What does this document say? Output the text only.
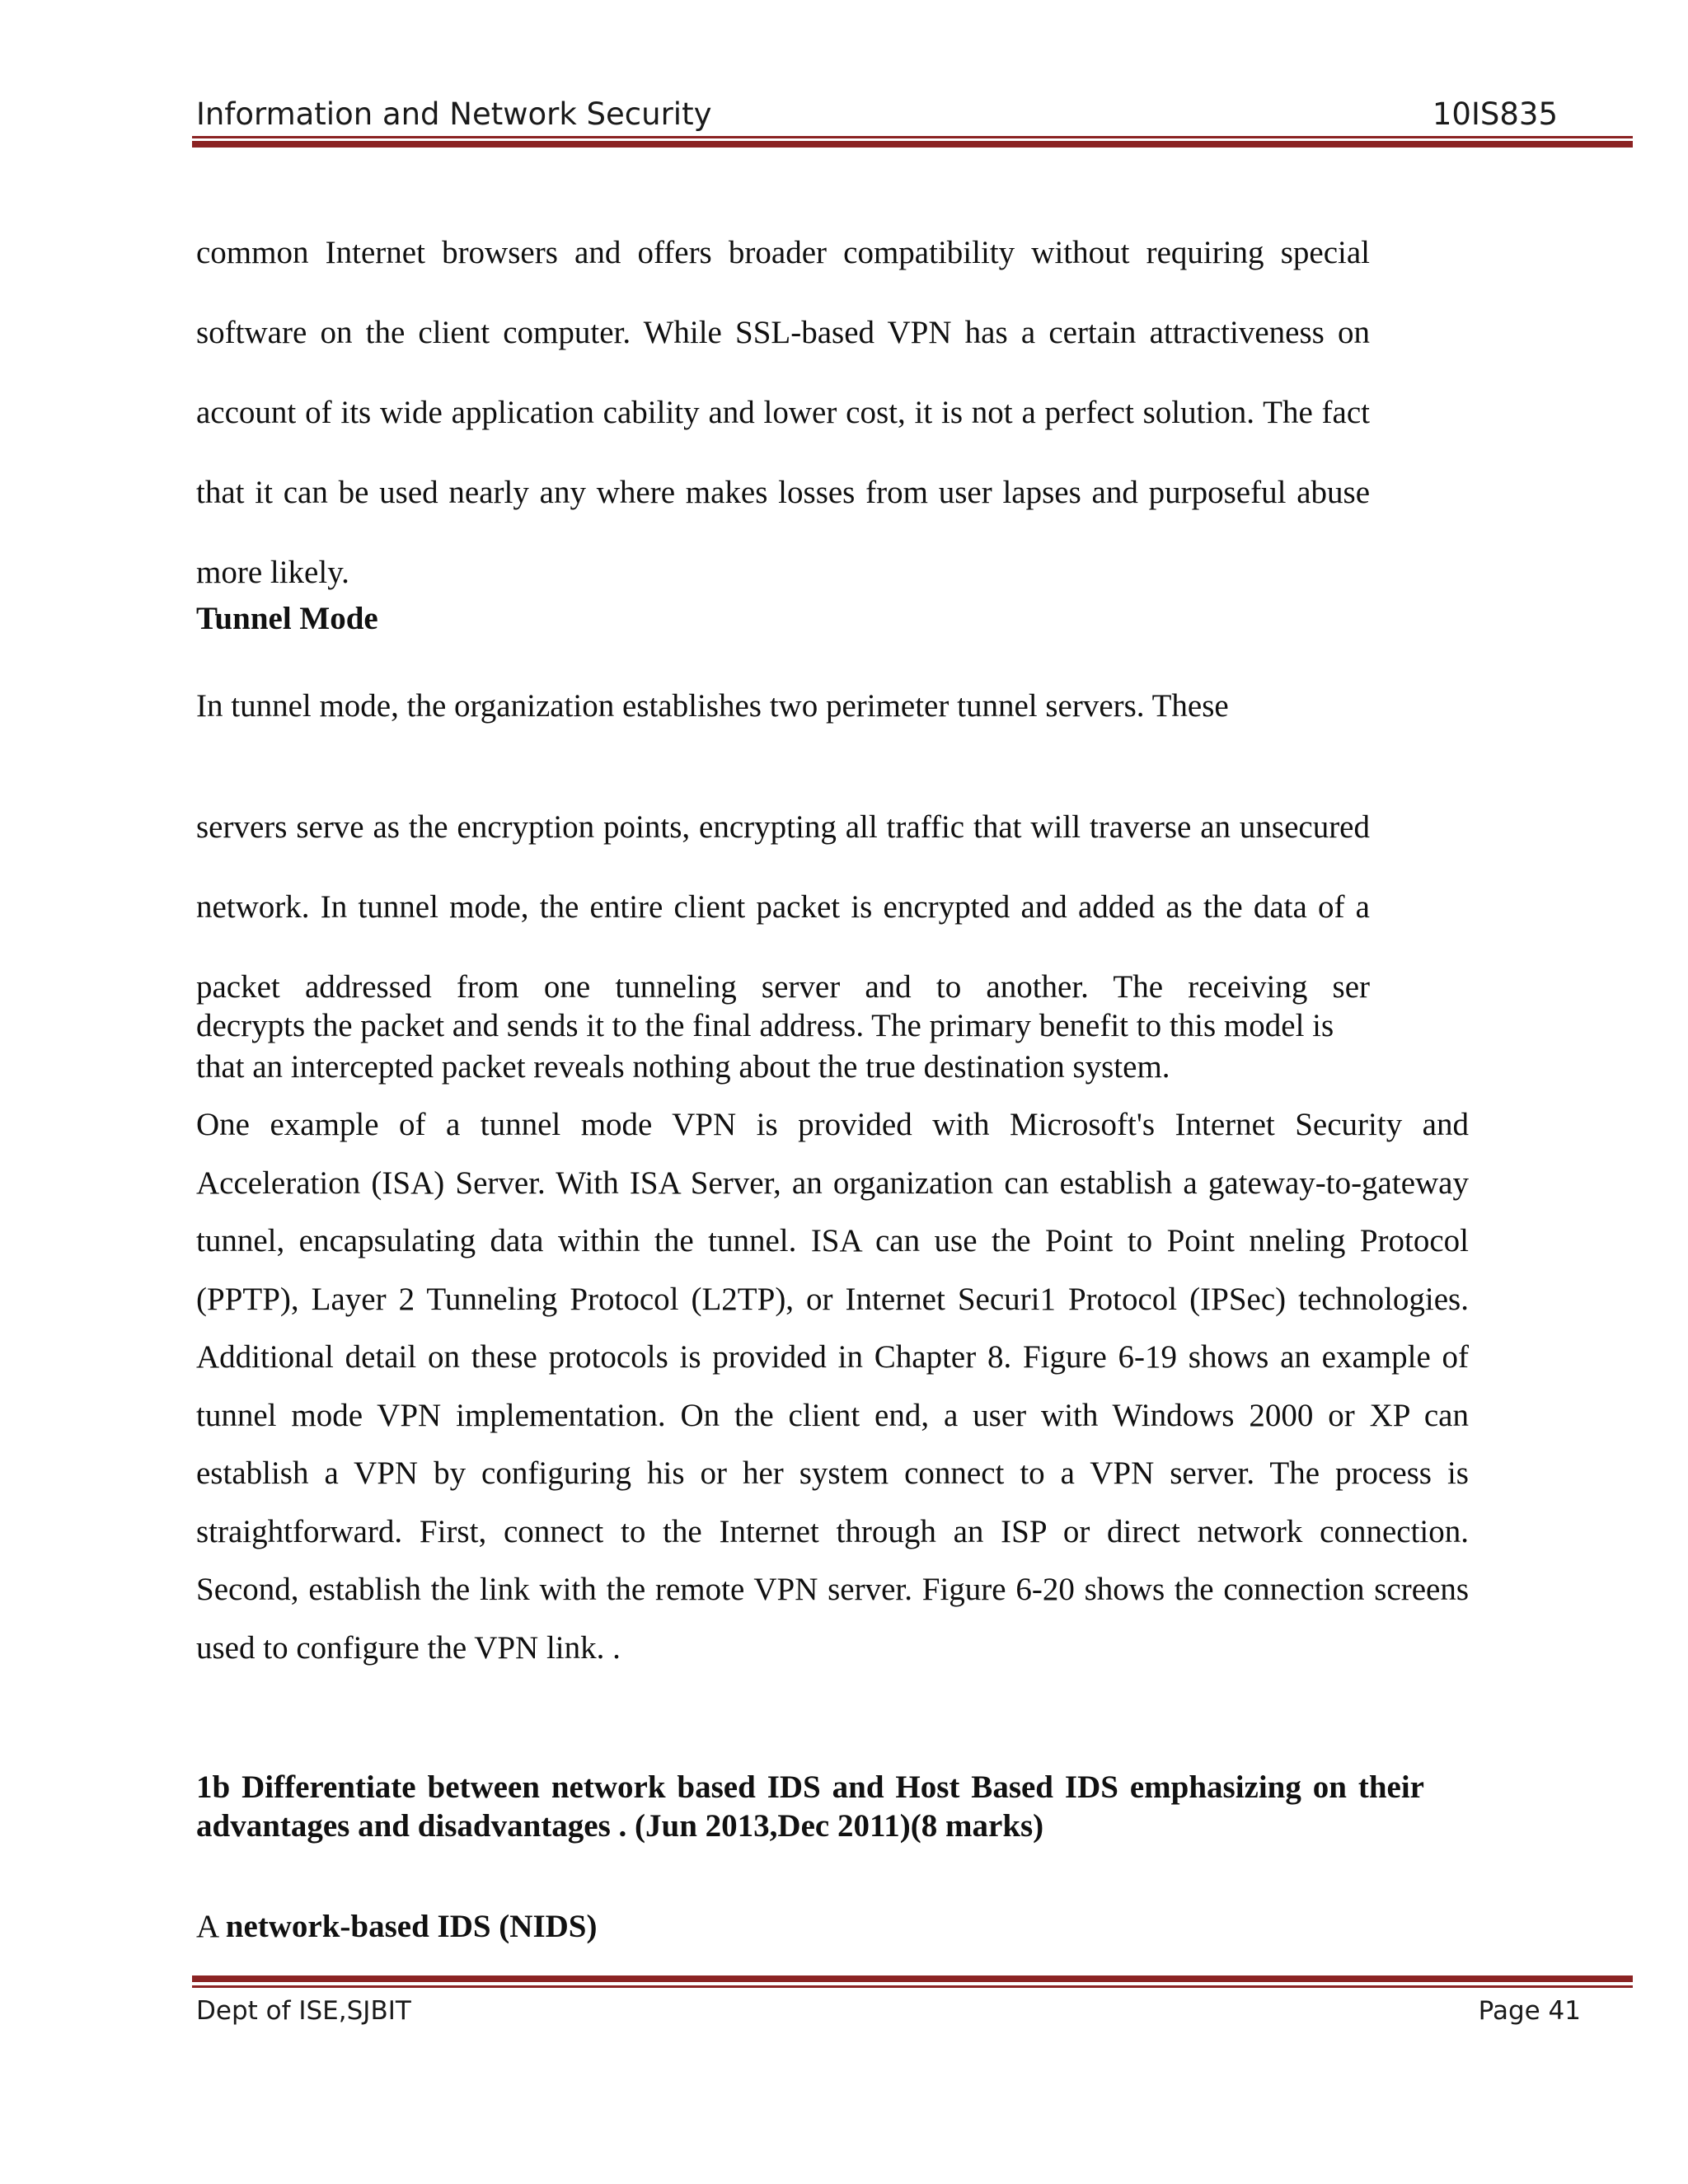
Information and Network Security	10IS835

common Internet browsers and offers broader compatibility without requiring special software on the client computer. While SSL-based VPN has a certain attractiveness on account of its wide application cability and lower cost, it is not a perfect solution. The fact that it can be used nearly any where makes losses from user lapses and purposeful abuse more likely.

Tunnel Mode
In tunnel mode, the organization establishes two perimeter tunnel servers. These

servers serve as the encryption points, encrypting all traffic that will traverse an unsecured network. In tunnel mode, the entire client packet is encrypted and added as the data of a packet addressed from one tunneling server and to another. The receiving ser

decrypts the packet and sends it to the final address. The primary benefit to this model is
that an intercepted packet reveals nothing about the true destination system.

One example of a tunnel mode VPN is provided with Microsoft's Internet Security and Acceleration (ISA) Server. With ISA Server, an organization can establish a gateway-to-gateway tunnel, encapsulating data within the tunnel. ISA can use the Point to Point nneling Protocol (PPTP), Layer 2 Tunneling Protocol (L2TP), or Internet Securi1 Protocol (IPSec) technologies. Additional detail on these protocols is provided in Chapter 8. Figure 6-19 shows an example of tunnel mode VPN implementation. On the client end, a user with Windows 2000 or XP can establish a VPN by configuring his or her system connect to a VPN server. The process is straightforward. First, connect to the Internet through an ISP or direct network connection. Second, establish the link with the remote VPN server. Figure 6-20 shows the connection screens used to configure the VPN link. .

1b Differentiate between network based IDS and Host Based IDS emphasizing on their advantages and disadvantages . (Jun 2013,Dec 2011)(8 marks)

A network-based IDS (NIDS)
Dept of ISE,SJBIT	Page 41
